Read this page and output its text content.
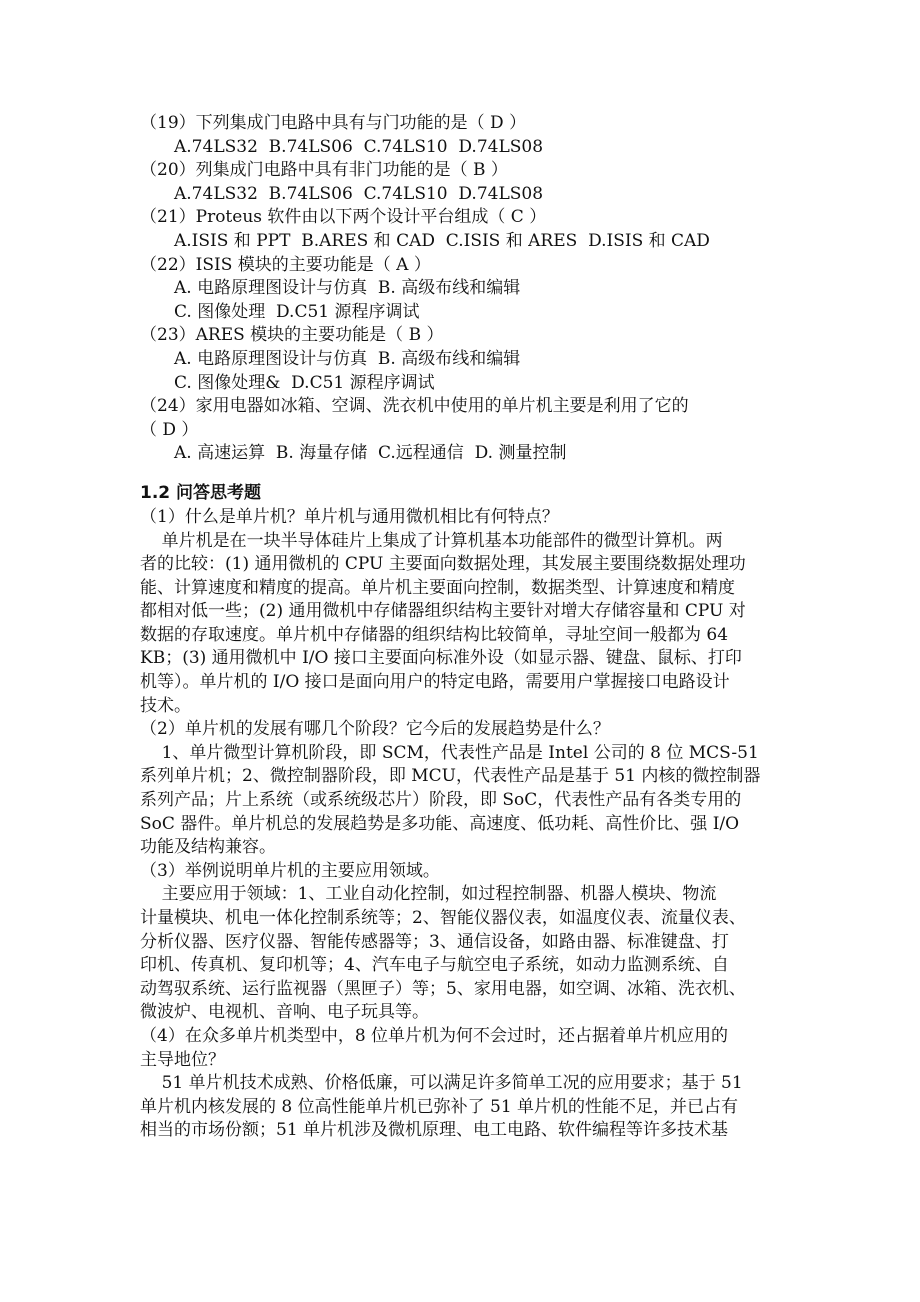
（19）下列集成门电路中具有与门功能的是（ D ）
A.74LS32  B.74LS06  C.74LS10  D.74LS08
（20）列集成门电路中具有非门功能的是（ B ）
A.74LS32  B.74LS06  C.74LS10  D.74LS08
（21）Proteus 软件由以下两个设计平台组成（ C ）
A.ISIS 和 PPT  B.ARES 和 CAD  C.ISIS 和 ARES  D.ISIS 和 CAD
（22）ISIS 模块的主要功能是（ A ）
A. 电路原理图设计与仿真  B. 高级布线和编辑
C. 图像处理  D.C51 源程序调试
（23）ARES 模块的主要功能是（ B ）
A. 电路原理图设计与仿真  B. 高级布线和编辑
C. 图像处理&  D.C51 源程序调试
（24）家用电器如冰箱、空调、洗衣机中使用的单片机主要是利用了它的
（ D ）
A. 高速运算  B. 海量存储  C.远程通信  D. 测量控制
1.2 问答思考题
（1）什么是单片机？单片机与通用微机相比有何特点？
单片机是在一块半导体硅片上集成了计算机基本功能部件的微型计算机。两
者的比较：(1) 通用微机的 CPU 主要面向数据处理，其发展主要围绕数据处理功
能、计算速度和精度的提高。单片机主要面向控制，数据类型、计算速度和精度
都相对低一些；(2) 通用微机中存储器组织结构主要针对增大存储容量和 CPU 对
数据的存取速度。单片机中存储器的组织结构比较简单，寻址空间一般都为 64
KB；(3) 通用微机中 I/O 接口主要面向标准外设（如显示器、键盘、鼠标、打印
机等）。单片机的 I/O 接口是面向用户的特定电路，需要用户掌握接口电路设计
技术。
（2）单片机的发展有哪几个阶段？它今后的发展趋势是什么？
1、单片微型计算机阶段，即 SCM，代表性产品是 Intel 公司的 8 位 MCS-51
系列单片机；2、微控制器阶段，即 MCU，代表性产品是基于 51 内核的微控制器
系列产品；片上系统（或系统级芯片）阶段，即 SoC，代表性产品有各类专用的
SoC 器件。单片机总的发展趋势是多功能、高速度、低功耗、高性价比、强 I/O
功能及结构兼容。
（3）举例说明单片机的主要应用领域。
主要应用于领域：1、工业自动化控制，如过程控制器、机器人模块、物流
计量模块、机电一体化控制系统等；2、智能仪器仪表，如温度仪表、流量仪表、
分析仪器、医疗仪器、智能传感器等；3、通信设备，如路由器、标准键盘、打
印机、传真机、复印机等；4、汽车电子与航空电子系统，如动力监测系统、自
动驾驭系统、运行监视器（黑匣子）等；5、家用电器，如空调、冰箱、洗衣机、
微波炉、电视机、音响、电子玩具等。
（4）在众多单片机类型中，8 位单片机为何不会过时，还占据着单片机应用的
主导地位？
51 单片机技术成熟、价格低廉，可以满足许多简单工况的应用要求；基于 51
单片机内核发展的 8 位高性能单片机已弥补了 51 单片机的性能不足，并已占有
相当的市场份额；51 单片机涉及微机原理、电工电路、软件编程等许多技术基
